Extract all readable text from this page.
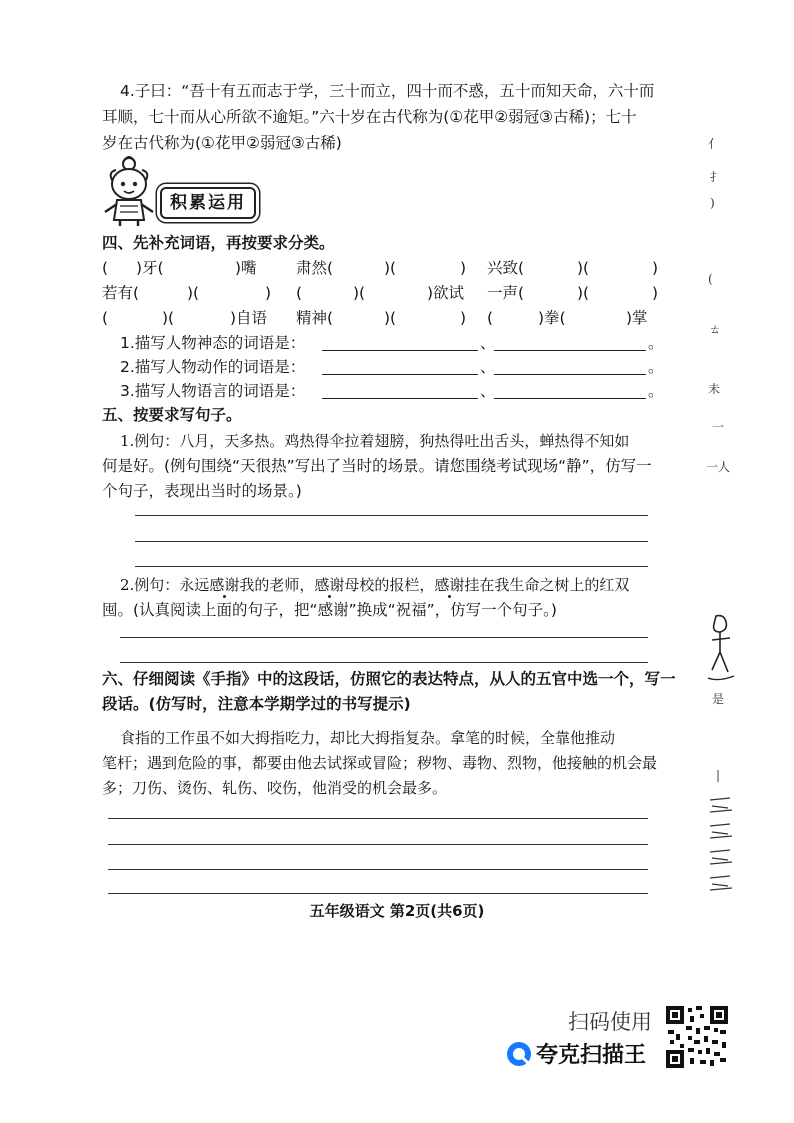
4.子曰：“吾十有五而志于学，三十而立，四十而不惑，五十而知天命，六十而
耳顺，七十而从心所欲不逾矩。”六十岁在古代称为(①花甲②弱冠③古稀)；七十
岁在古代称为(①花甲②弱冠③古稀)
积累运用
四、先补充词语，再按要求分类。
( )牙(	)嘴	肃然(	)(	) 兴致(	)(	)
若有(	)(	) (	)(	)欲试 一声(	)(	)
(	)(	)自语 精神(	)(	) (	)拳(	)掌
1.描写人物神态的词语是：	、	。
2.描写人物动作的词语是：	、	。
3.描写人物语言的词语是：	、	。
五、按要求写句子。
1.例句：八月，天多热。鸡热得伞拉着翅膀，狗热得吐出舌头，蝉热得不知如
何是好。(例句围绕“天很热”写出了当时的场景。请您围绕考试现场“静”，仿写一
个句子，表现出当时的场景。)
2.例句：永远感谢我的老师，感谢母校的报栏，感谢挂在我生命之树上的红双
囤。(认真阅读上面的句子，把“感谢”换成“祝福”，仿写一个句子。)
六、仔细阅读《手指》中的这段话，仿照它的表达特点，从人的五官中选一个，写一
段话。(仿写时，注意本学期学过的书写提示)
食指的工作虽不如大拇指吃力，却比大拇指复杂。拿笔的时候，全靠他推动
笔杆；遇到危险的事，都要由他去试探或冒险；秽物、毒物、烈物，他接触的机会最
多；刀伤、烫伤、轧伤、咬伤，他消受的机会最多。
五年级语文 第2页(共6页)
亻
扌
)
(
ㄊ
未
一
一人
是
|
扫码使用
夸克扫描王
